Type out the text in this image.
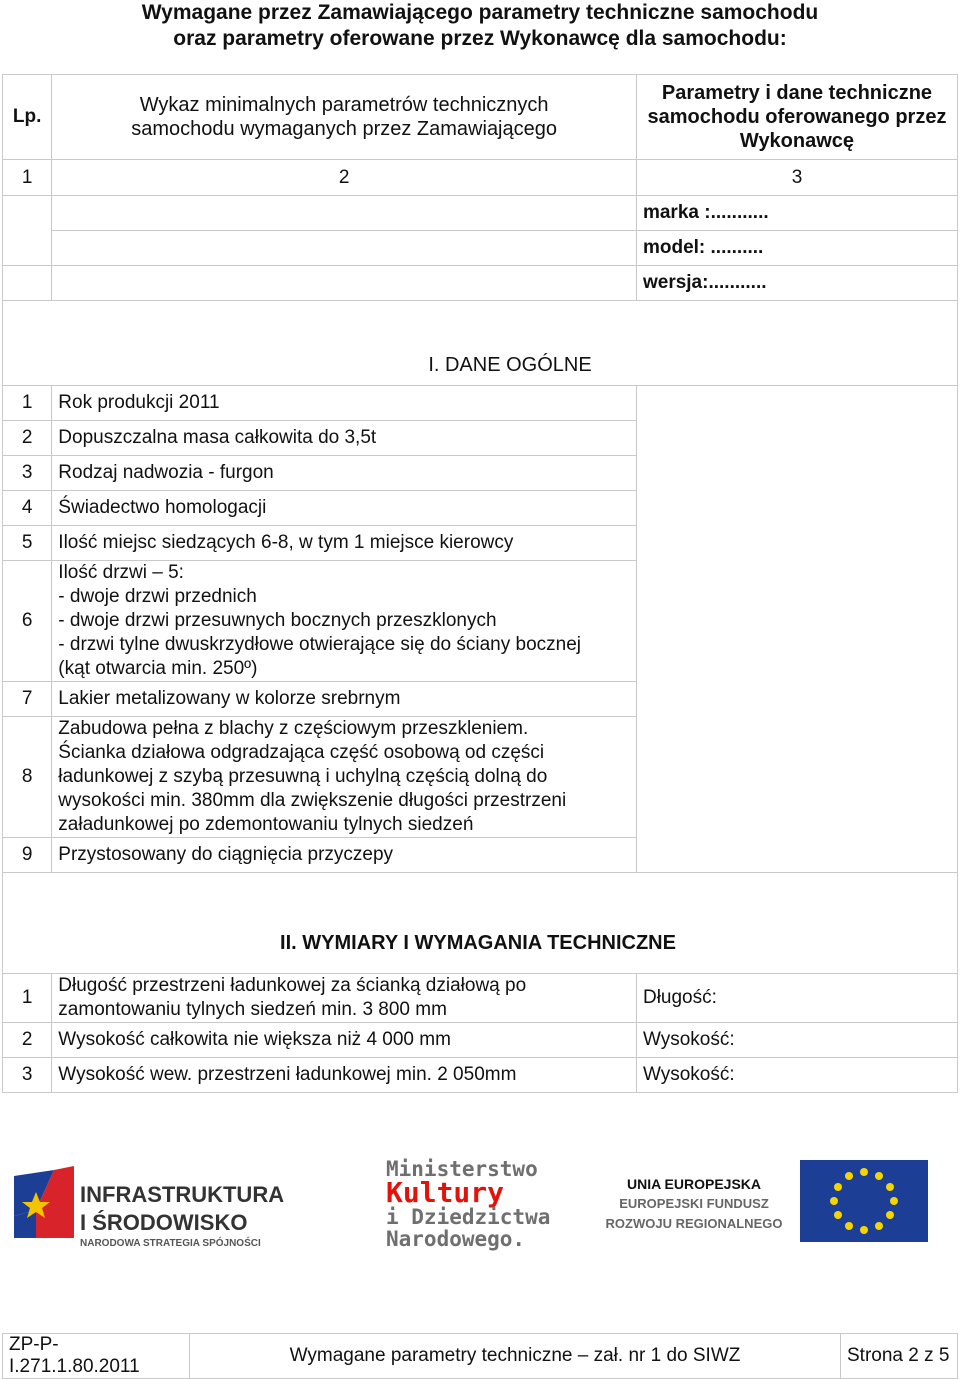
Wymagane przez Zamawiającego parametry techniczne samochodu
oraz parametry oferowane przez Wykonawcę dla samochodu:
Lp.	Wykaz minimalnych parametrów technicznych samochodu wymaganych przez Zamawiającego	Parametry i dane techniczne samochodu oferowanego przez Wykonawcę
1	2	3
		marka :...........
		model: ..........
		wersja:...........
I. DANE OGÓLNE		
1	Rok produkcji 2011	
2	Dopuszczalna masa całkowita do 3,5t	
3	Rodzaj nadwozia - furgon	
4	Świadectwo homologacji	
5	Ilość miejsc siedzących 6-8, w tym 1 miejsce kierowcy	
6	Ilość drzwi – 5:
- dwoje drzwi przednich
- dwoje drzwi przesuwnych bocznych przeszklonych
- drzwi tylne dwuskrzydłowe otwierające się do ściany bocznej
(kąt otwarcia min. 250º)	

7	Lakier metalizowany w kolorze srebrnym	
8	Zabudowa pełna z blachy z częściowym przeszkleniem.
Ścianka działowa odgradzająca część osobową od części
ładunkowej z szybą przesuwną i uchylną częścią dolną do
wysokości min. 380mm dla zwiększenie długości przestrzeni
załadunkowej po zdemontowaniu tylnych siedzeń	

9	Przystosowany do ciągnięcia przyczepy	
II. WYMIARY I WYMAGANIA TECHNICZNE		
1	Długość przestrzeni ładunkowej za ścianką działową po
zamontowaniu tylnych siedzeń min. 3 800 mm	Długość:
2	Wysokość całkowita nie większa niż 4 000 mm	Wysokość:
3	Wysokość wew. przestrzeni ładunkowej min. 2 050mm	Wysokość:
INFRASTRUKTURA
I ŚRODOWISKO
NARODOWA STRATEGIA SPÓJNOŚCI
Ministerstwo
Kultury
i Dziedzictwa
Narodowego.
UNIA EUROPEJSKA
EUROPEJSKI FUNDUSZ
ROZWOJU REGIONALNEGO
ZP-P-I.271.1.80.2011	Wymagane parametry techniczne – zał. nr 1 do SIWZ	Strona 2 z 5
